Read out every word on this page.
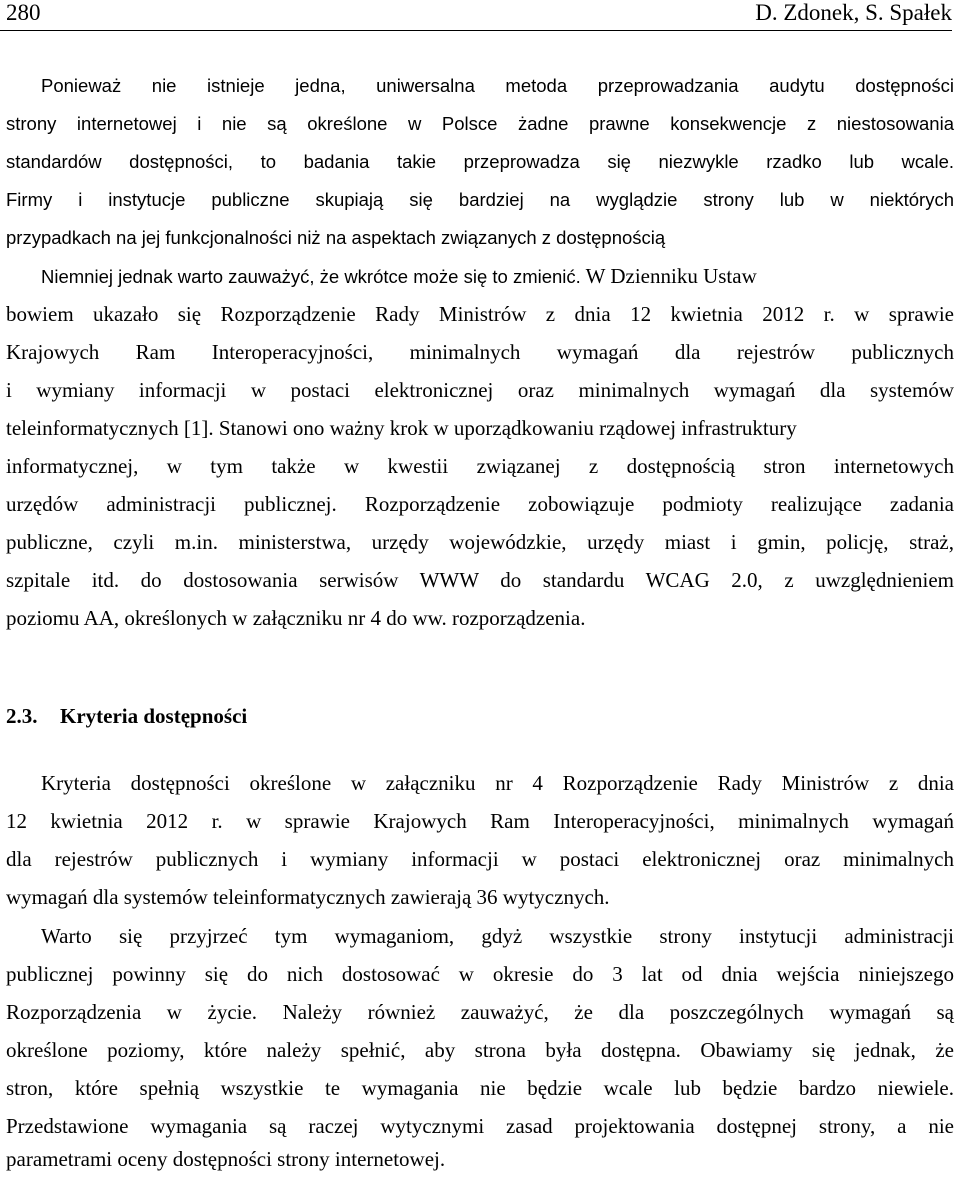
280	D. Zdonek, S. Spałek
Ponieważ nie istnieje jedna, uniwersalna metoda przeprowadzania audytu dostępności
strony internetowej i nie są określone w Polsce żadne prawne konsekwencje z niestosowania
standardów dostępności, to badania takie przeprowadza się niezwykle rzadko lub wcale.
Firmy i instytucje publiczne skupiają się bardziej na wyglądzie strony lub w niektórych
przypadkach na jej funkcjonalności niż na aspektach związanych z dostępnością
Niemniej jednak warto zauważyć, że wkrótce może się to zmienić. W Dzienniku Ustaw
bowiem ukazało się Rozporządzenie Rady Ministrów z dnia 12 kwietnia 2012 r. w sprawie
Krajowych Ram Interoperacyjności, minimalnych wymagań dla rejestrów publicznych
i wymiany informacji w postaci elektronicznej oraz minimalnych wymagań dla systemów
teleinformatycznych [1]. Stanowi ono ważny krok w uporządkowaniu rządowej infrastruktury
informatycznej, w tym także w kwestii związanej z dostępnością stron internetowych
urzędów administracji publicznej. Rozporządzenie zobowiązuje podmioty realizujące zadania
publiczne, czyli m.in. ministerstwa, urzędy wojewódzkie, urzędy miast i gmin, policję, straż,
szpitale itd. do dostosowania serwisów WWW do standardu WCAG 2.0, z uwzględnieniem
poziomu AA, określonych w załączniku nr 4 do ww. rozporządzenia.
2.3. Kryteria dostępności
Kryteria dostępności określone w załączniku nr 4 Rozporządzenie Rady Ministrów z dnia
12 kwietnia 2012 r. w sprawie Krajowych Ram Interoperacyjności, minimalnych wymagań
dla rejestrów publicznych i wymiany informacji w postaci elektronicznej oraz minimalnych
wymagań dla systemów teleinformatycznych zawierają 36 wytycznych.
Warto się przyjrzeć tym wymaganiom, gdyż wszystkie strony instytucji administracji
publicznej powinny się do nich dostosować w okresie do 3 lat od dnia wejścia niniejszego
Rozporządzenia w życie. Należy również zauważyć, że dla poszczególnych wymagań są
określone poziomy, które należy spełnić, aby strona była dostępna. Obawiamy się jednak, że
stron, które spełnią wszystkie te wymagania nie będzie wcale lub będzie bardzo niewiele.
Przedstawione wymagania są raczej wytycznymi zasad projektowania dostępnej strony, a nie
parametrami oceny dostępności strony internetowej.
